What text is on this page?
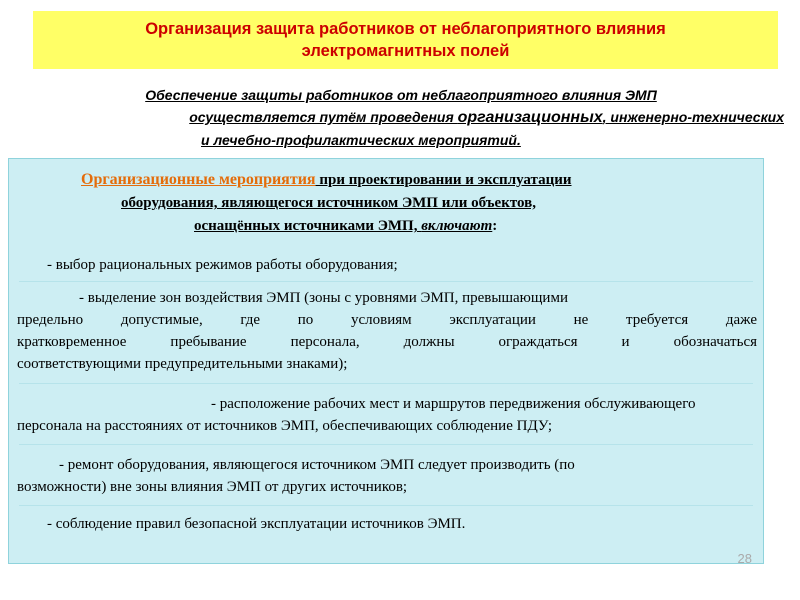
Организация защита работников от неблагоприятного влияния
электромагнитных полей
Обеспечение защиты работников от неблагоприятного влияния ЭМП
осуществляется путём проведения организационных, инженерно-технических
и лечебно-профилактических мероприятий.
Организационные мероприятия при проектировании и эксплуатации
оборудования, являющегося источником ЭМП или объектов,
оснащённых источниками ЭМП, включают:
- выбор рациональных режимов работы оборудования;
- выделение зон воздействия ЭМП (зоны с уровнями ЭМП, превышающими
предельно допустимые, где по условиям эксплуатации не требуется даже
кратковременное пребывание персонала, должны ограждаться и обозначаться
соответствующими предупредительными знаками);
- расположение рабочих мест и маршрутов передвижения обслуживающего
персонала на расстояниях от источников ЭМП, обеспечивающих соблюдение ПДУ;
- ремонт оборудования, являющегося источником ЭМП следует производить (по
возможности) вне зоны влияния ЭМП от других источников;
- соблюдение правил безопасной эксплуатации источников ЭМП.
28
